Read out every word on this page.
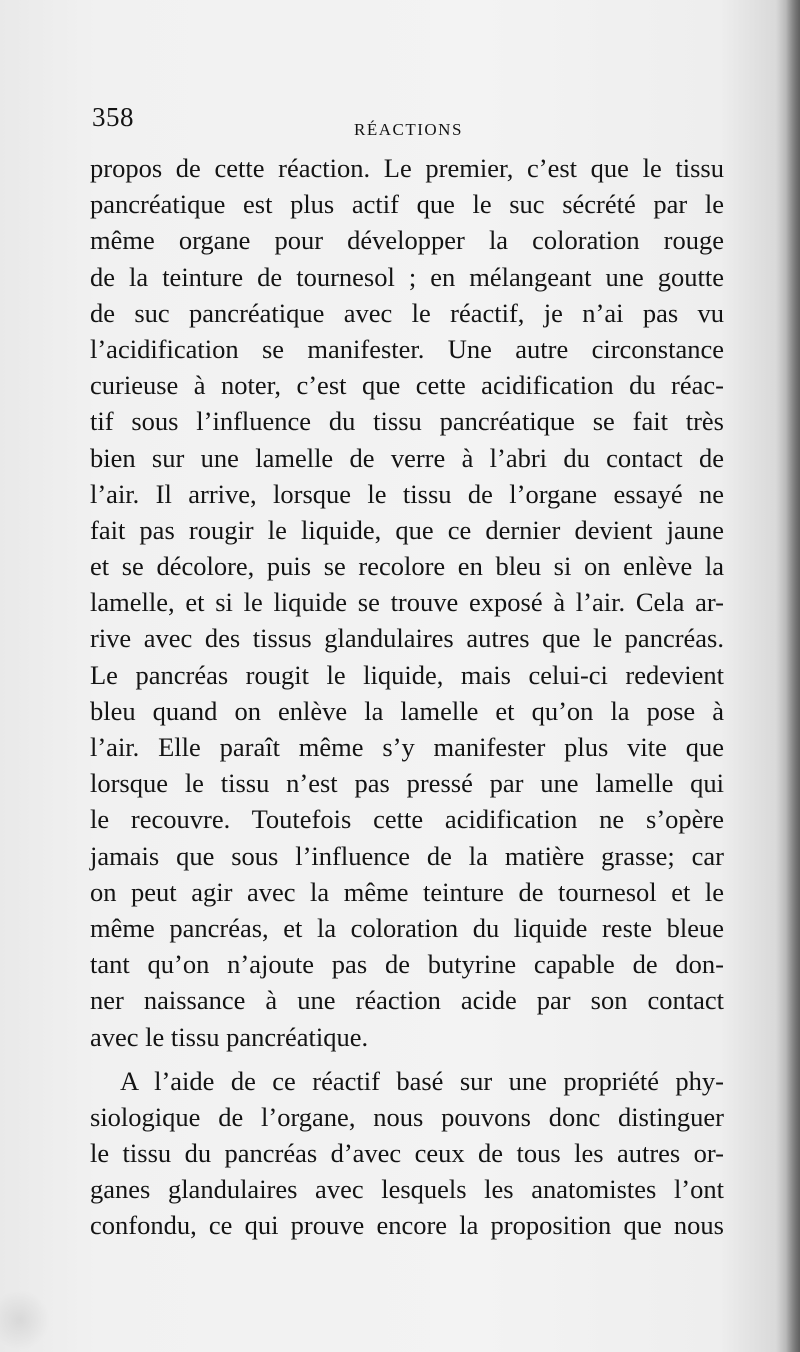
358	RÉACTIONS
propos de cette réaction. Le premier, c’est que le tissu
pancréatique est plus actif que le suc sécrété par le
même organe pour développer la coloration rouge
de la teinture de tournesol ; en mélangeant une goutte
de suc pancréatique avec le réactif, je n’ai pas vu
l’acidification se manifester. Une autre circonstance
curieuse à noter, c’est que cette acidification du réac-
tif sous l’influence du tissu pancréatique se fait très
bien sur une lamelle de verre à l’abri du contact de
l’air. Il arrive, lorsque le tissu de l’organe essayé ne
fait pas rougir le liquide, que ce dernier devient jaune
et se décolore, puis se recolore en bleu si on enlève la
lamelle, et si le liquide se trouve exposé à l’air. Cela ar-
rive avec des tissus glandulaires autres que le pancréas.
Le pancréas rougit le liquide, mais celui-ci redevient
bleu quand on enlève la lamelle et qu’on la pose à
l’air. Elle paraît même s’y manifester plus vite que
lorsque le tissu n’est pas pressé par une lamelle qui
le recouvre. Toutefois cette acidification ne s’opère
jamais que sous l’influence de la matière grasse; car
on peut agir avec la même teinture de tournesol et le
même pancréas, et la coloration du liquide reste bleue
tant qu’on n’ajoute pas de butyrine capable de don-
ner naissance à une réaction acide par son contact
avec le tissu pancréatique.
A l’aide de ce réactif basé sur une propriété phy-
siologique de l’organe, nous pouvons donc distinguer
le tissu du pancréas d’avec ceux de tous les autres or-
ganes glandulaires avec lesquels les anatomistes l’ont
confondu, ce qui prouve encore la proposition que nous
